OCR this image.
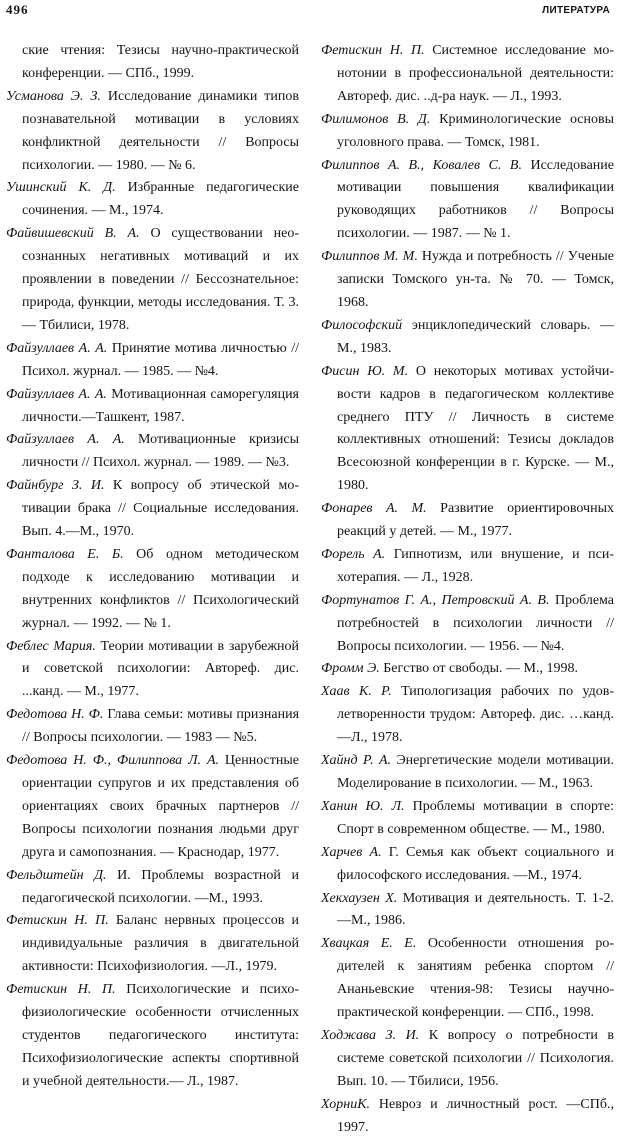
496	ЛИТЕРАТУРА

ские чтения: Тезисы научно-практической конференции. — СПб., 1999.

Усманова Э. З. Исследование динамики типов познавательной мотивации в условиях конфликтной деятельности // Вопросы психологии. — 1980. — № 6.

Ушинский К. Д. Избранные педагогические сочинения. — М., 1974.

Файвишевский В. А. О существовании неосознанных негативных мотиваций и их проявлении в поведении // Бессознательное: природа, функции, методы исследования. Т. 3. — Тбилиси, 1978.

Файзуллаев А. А. Принятие мотива личностью // Психол. журнал. — 1985. — №4.

Файзуллаев А. А. Мотивационная саморегуляция личности.—Ташкент, 1987.

Файзуллаев А. А. Мотивационные кризисы личности // Психол. журнал. — 1989. — №3.

Файнбург З. И. К вопросу об этической мотивации брака // Социальные исследования. Вып. 4.—М., 1970.

Фанталова Е. Б. Об одном методическом подходе к исследованию мотивации и внутренних конфликтов // Психологический журнал. — 1992. — № 1.

Феблес Мария. Теории мотивации в зарубежной и советской психологии: Автореф. дис. ...канд. — М., 1977.

Федотова Н. Ф. Глава семьи: мотивы признания // Вопросы психологии. — 1983 — №5.

Федотова Н. Ф., Филиппова Л. А. Ценностные ориентации супругов и их представления об ориентациях своих брачных партнеров // Вопросы психологии познания людьми друг друга и самопознания. — Краснодар, 1977.

Фельдштейн Д. И. Проблемы возрастной и педагогической психологии. —М., 1993.

Фетискин Н. П. Баланс нервных процессов и индивидуальные различия в двигательной активности: Психофизиология. —Л., 1979.

Фетискин Н. П. Психологические и психофизиологические особенности отчисленных студентов педагогического института: Психофизиологические аспекты спортивной и учебной деятельности.— Л., 1987.

Фетискин Н. П. Системное исследование монотонии в профессиональной деятельности: Автореф. дис. ..д-ра наук. — Л., 1993.

Филимонов В. Д. Криминологические основы уголовного права. — Томск, 1981.

Филиппов А. В., Ковалев С. В. Исследование мотивации повышения квалификации руководящих работников // Вопросы психологии. — 1987. — № 1.

Филиппов М. М. Нужда и потребность // Ученые записки Томского ун-та. № 70. — Томск, 1968.

Философский энциклопедический словарь. — М., 1983.

Фисин Ю. М. О некоторых мотивах устойчивости кадров в педагогическом коллективе среднего ПТУ // Личность в системе коллективных отношений: Тезисы докладов Всесоюзной конференции в г. Курске. — М., 1980.

Фонарев А. М. Развитие ориентировочных реакций у детей. — М., 1977.

Форель А. Гипнотизм, или внушение, и психотерапия. — Л., 1928.

Фортунатов Г. А., Петровский А. В. Проблема потребностей в психологии личности // Вопросы психологии. — 1956. — №4.

Фромм Э. Бегство от свободы. — М., 1998.

Хаав К. Р. Типологизация рабочих по удовлетворенности трудом: Автореф. дис. …канд.—Л., 1978.

Хайнд Р. А. Энергетические модели мотивации. Моделирование в психологии. — М., 1963.

Ханин Ю. Л. Проблемы мотивации в спорте: Спорт в современном обществе. — М., 1980.

Харчев А. Г. Семья как объект социального и философского исследования. —М., 1974.

Хекхаузен Х. Мотивация и деятельность. Т. 1-2. —М., 1986.

Хвацкая Е. Е. Особенности отношения родителей к занятиям ребенка спортом // Ананьевские чтения-98: Тезисы научнопрактической конференции. — СПб., 1998.

Ходжава З. И. К вопросу о потребности в системе советской психологии // Психология. Вып. 10. — Тбилиси, 1956.

ХорниК. Невроз и личностный рост. —СПб., 1997.
